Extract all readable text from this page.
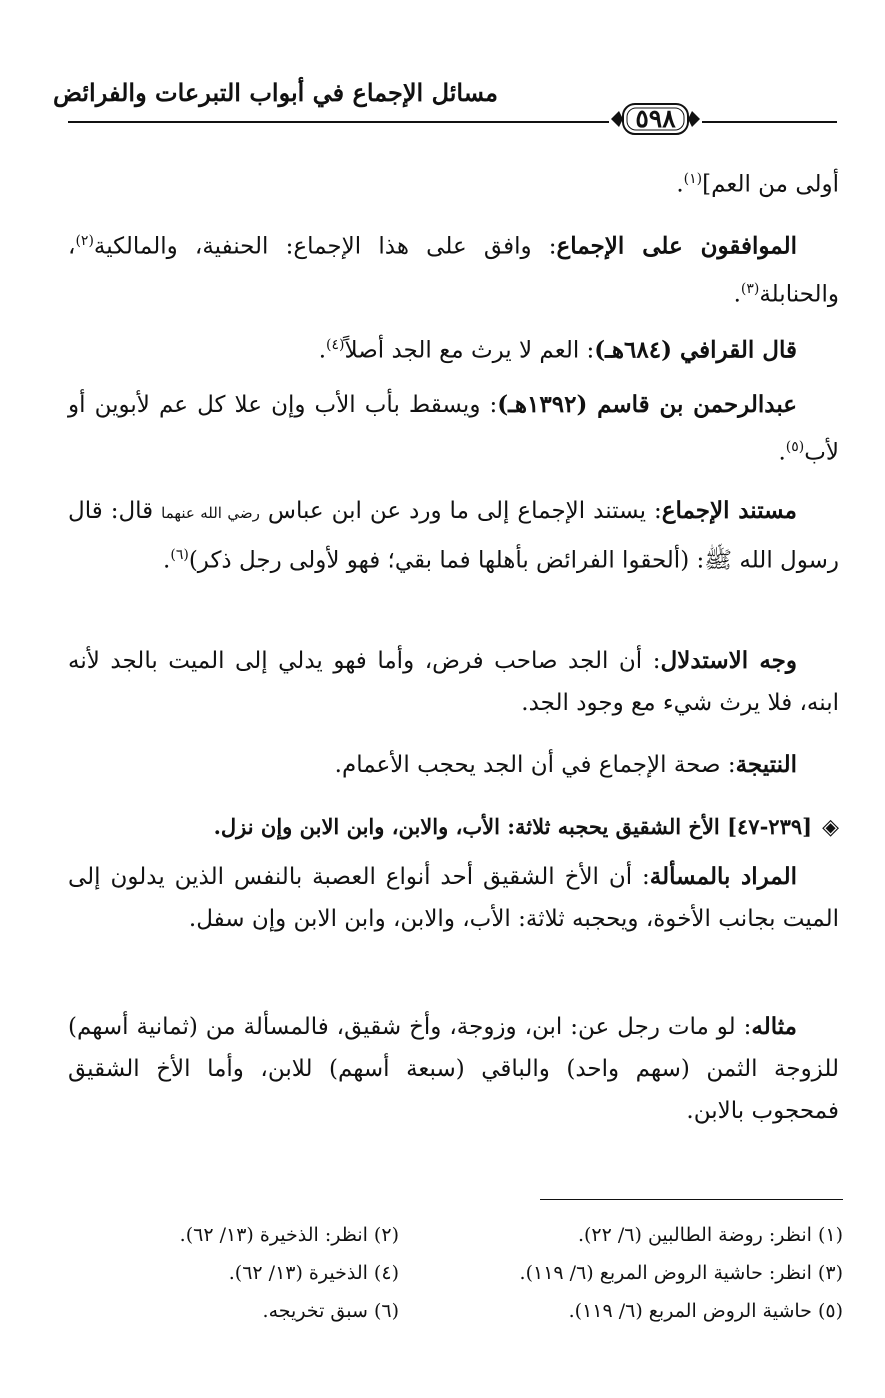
مسائل الإجماع في أبواب التبرعات والفرائض
٥٩٨
أولى من العم]$^{(١)}$.
الموافقون على الإجماع: وافق على هذا الإجماع: الحنفية، والمالكية$^{(٢)}$، والحنابلة$^{(٣)}$.
قال القرافي (٦٨٤هـ): العم لا يرث مع الجد أصلاً$^{(٤)}$.
عبدالرحمن بن قاسم (١٣٩٢هـ): ويسقط بأب الأب وإن علا كل عم لأبوين أو لأب$^{(٥)}$.
مستند الإجماع: يستند الإجماع إلى ما ورد عن ابن عباس رضي الله عنهما قال: قال رسول الله ﷺ: (ألحقوا الفرائض بأهلها فما بقي؛ فهو لأولى رجل ذكر)$^{(٦)}$.
وجه الاستدلال: أن الجد صاحب فرض، وأما فهو يدلي إلى الميت بالجد لأنه ابنه، فلا يرث شيء مع وجود الجد.
النتيجة: صحة الإجماع في أن الجد يحجب الأعمام.
◈[٢٣٩-٤٧] الأخ الشقيق يحجبه ثلاثة: الأب، والابن، وابن الابن وإن نزل.
المراد بالمسألة: أن الأخ الشقيق أحد أنواع العصبة بالنفس الذين يدلون إلى الميت بجانب الأخوة، ويحجبه ثلاثة: الأب، والابن، وابن الابن وإن سفل.
مثاله: لو مات رجل عن: ابن، وزوجة، وأخ شقيق، فالمسألة من (ثمانية أسهم) للزوجة الثمن (سهم واحد) والباقي (سبعة أسهم) للابن، وأما الأخ الشقيق فمحجوب بالابن.
(١) انظر: روضة الطالبين (٦/ ٢٢).
(٢) انظر: الذخيرة (١٣/ ٦٢).
(٣) انظر: حاشية الروض المربع (٦/ ١١٩).
(٤) الذخيرة (١٣/ ٦٢).
(٥) حاشية الروض المربع (٦/ ١١٩).
(٦) سبق تخريجه.
